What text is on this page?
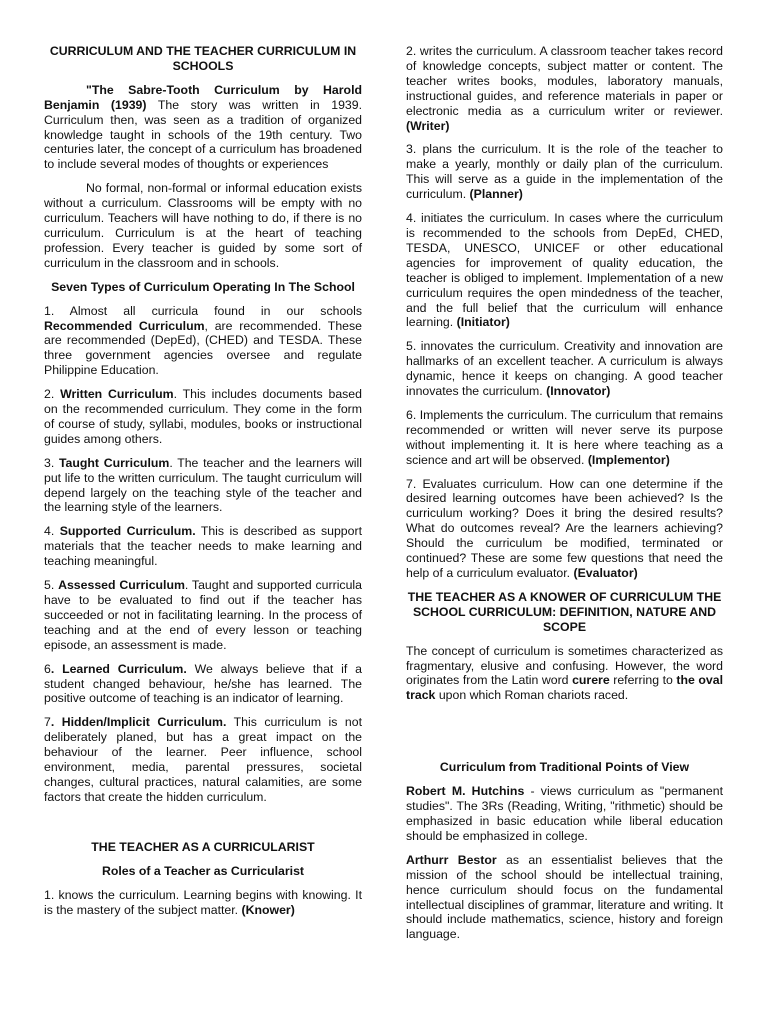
CURRICULUM AND THE TEACHER CURRICULUM IN SCHOOLS

"The Sabre-Tooth Curriculum by Harold Benjamin (1939) The story was written in 1939. Curriculum then, was seen as a tradition of organized knowledge taught in schools of the 19th century. Two centuries later, the concept of a curriculum has broadened to include several modes of thoughts or experiences

No formal, non-formal or informal education exists without a curriculum. Classrooms will be empty with no curriculum. Teachers will have nothing to do, if there is no curriculum. Curriculum is at the heart of teaching profession. Every teacher is guided by some sort of curriculum in the classroom and in schools.

Seven Types of Curriculum Operating In The School

1. Almost all curricula found in our schools Recommended Curriculum, are recommended. These are recommended (DepEd), (CHED) and TESDA. These three government agencies oversee and regulate Philippine Education.

2. Written Curriculum. This includes documents based on the recommended curriculum. They come in the form of course of study, syllabi, modules, books or instructional guides among others.

3. Taught Curriculum. The teacher and the learners will put life to the written curriculum. The taught curriculum will depend largely on the teaching style of the teacher and the learning style of the learners.

4. Supported Curriculum. This is described as support materials that the teacher needs to make learning and teaching meaningful.

5. Assessed Curriculum. Taught and supported curricula have to be evaluated to find out if the teacher has succeeded or not in facilitating learning. In the process of teaching and at the end of every lesson or teaching episode, an assessment is made.

6. Learned Curriculum. We always believe that if a student changed behaviour, he/she has learned. The positive outcome of teaching is an indicator of learning.

7. Hidden/Implicit Curriculum. This curriculum is not deliberately planed, but has a great impact on the behaviour of the learner. Peer influence, school environment, media, parental pressures, societal changes, cultural practices, natural calamities, are some factors that create the hidden curriculum.

THE TEACHER AS A CURRICULARIST
Roles of a Teacher as Curricularist

1. knows the curriculum. Learning begins with knowing. It is the mastery of the subject matter. (Knower)

2. writes the curriculum. A classroom teacher takes record of knowledge concepts, subject matter or content. The teacher writes books, modules, laboratory manuals, instructional guides, and reference materials in paper or electronic media as a curriculum writer or reviewer. (Writer)

3. plans the curriculum. It is the role of the teacher to make a yearly, monthly or daily plan of the curriculum. This will serve as a guide in the implementation of the curriculum. (Planner)

4. initiates the curriculum. In cases where the curriculum is recommended to the schools from DepEd, CHED, TESDA, UNESCO, UNICEF or other educational agencies for improvement of quality education, the teacher is obliged to implement. Implementation of a new curriculum requires the open mindedness of the teacher, and the full belief that the curriculum will enhance learning. (Initiator)

5. innovates the curriculum. Creativity and innovation are hallmarks of an excellent teacher. A curriculum is always dynamic, hence it keeps on changing. A good teacher innovates the curriculum. (Innovator)

6. Implements the curriculum. The curriculum that remains recommended or written will never serve its purpose without implementing it. It is here where teaching as a science and art will be observed. (Implementor)

7. Evaluates curriculum. How can one determine if the desired learning outcomes have been achieved? Is the curriculum working? Does it bring the desired results? What do outcomes reveal? Are the learners achieving? Should the curriculum be modified, terminated or continued? These are some few questions that need the help of a curriculum evaluator. (Evaluator)

THE TEACHER AS A KNOWER OF CURRICULUM THE SCHOOL CURRICULUM: DEFINITION, NATURE AND SCOPE

The concept of curriculum is sometimes characterized as fragmentary, elusive and confusing. However, the word originates from the Latin word curere referring to the oval track upon which Roman chariots raced.

Curriculum from Traditional Points of View

Robert M. Hutchins - views curriculum as "permanent studies". The 3Rs (Reading, Writing, "rithmetic) should be emphasized in basic education while liberal education should be emphasized in college.

Arthurr Bestor as an essentialist believes that the mission of the school should be intellectual training, hence curriculum should focus on the fundamental intellectual disciplines of grammar, literature and writing. It should include mathematics, science, history and foreign language.
